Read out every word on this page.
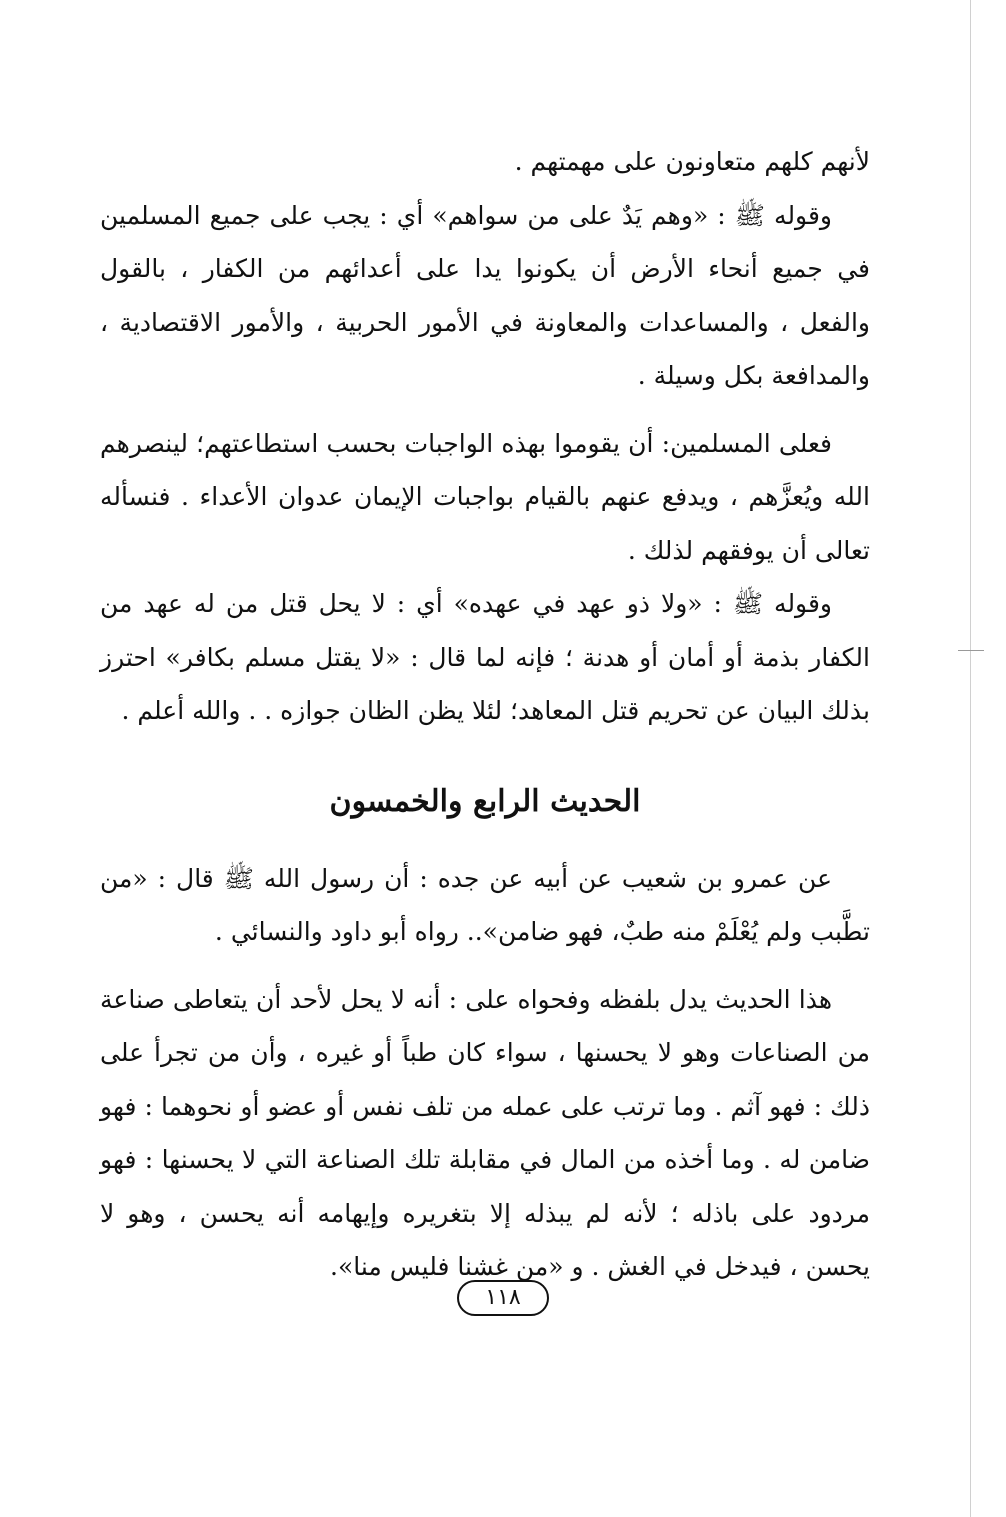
لأنهم كلهم متعاونون على مهمتهم .

وقوله ﷺ : «وهم يَدٌ على من سواهم» أي : يجب على جميع المسلمين في جميع أنحاء الأرض أن يكونوا يدا على أعدائهم من الكفار ، بالقول والفعل ، والمساعدات والمعاونة في الأمور الحربية ، والأمور الاقتصادية ، والمدافعة بكل وسيلة .

فعلى المسلمين: أن يقوموا بهذه الواجبات بحسب استطاعتهم؛ لينصرهم الله ويُعزَّهم ، ويدفع عنهم بالقيام بواجبات الإيمان عدوان الأعداء . فنسأله تعالى أن يوفقهم لذلك .

وقوله ﷺ : «ولا ذو عهد في عهده» أي : لا يحل قتل من له عهد من الكفار بذمة أو أمان أو هدنة ؛ فإنه لما قال : «لا يقتل مسلم بكافر» احترز بذلك البيان عن تحريم قتل المعاهد؛ لئلا يظن الظان جوازه . . والله أعلم .

الحديث الرابع والخمسون

عن عمرو بن شعيب عن أبيه عن جده : أن رسول الله ﷺ قال : «من تطَّبب ولم يُعْلَمْ منه طبٌ، فهو ضامن».. رواه أبو داود والنسائي .

هذا الحديث يدل بلفظه وفحواه على : أنه لا يحل لأحد أن يتعاطى صناعة من الصناعات وهو لا يحسنها ، سواء كان طباً أو غيره ، وأن من تجرأ على ذلك : فهو آثم . وما ترتب على عمله من تلف نفس أو عضو أو نحوهما : فهو ضامن له . وما أخذه من المال في مقابلة تلك الصناعة التي لا يحسنها : فهو مردود على باذله ؛ لأنه لم يبذله إلا بتغريره وإيهامه أنه يحسن ، وهو لا يحسن ، فيدخل في الغش . و «من غشنا فليس منا».

١١٨
